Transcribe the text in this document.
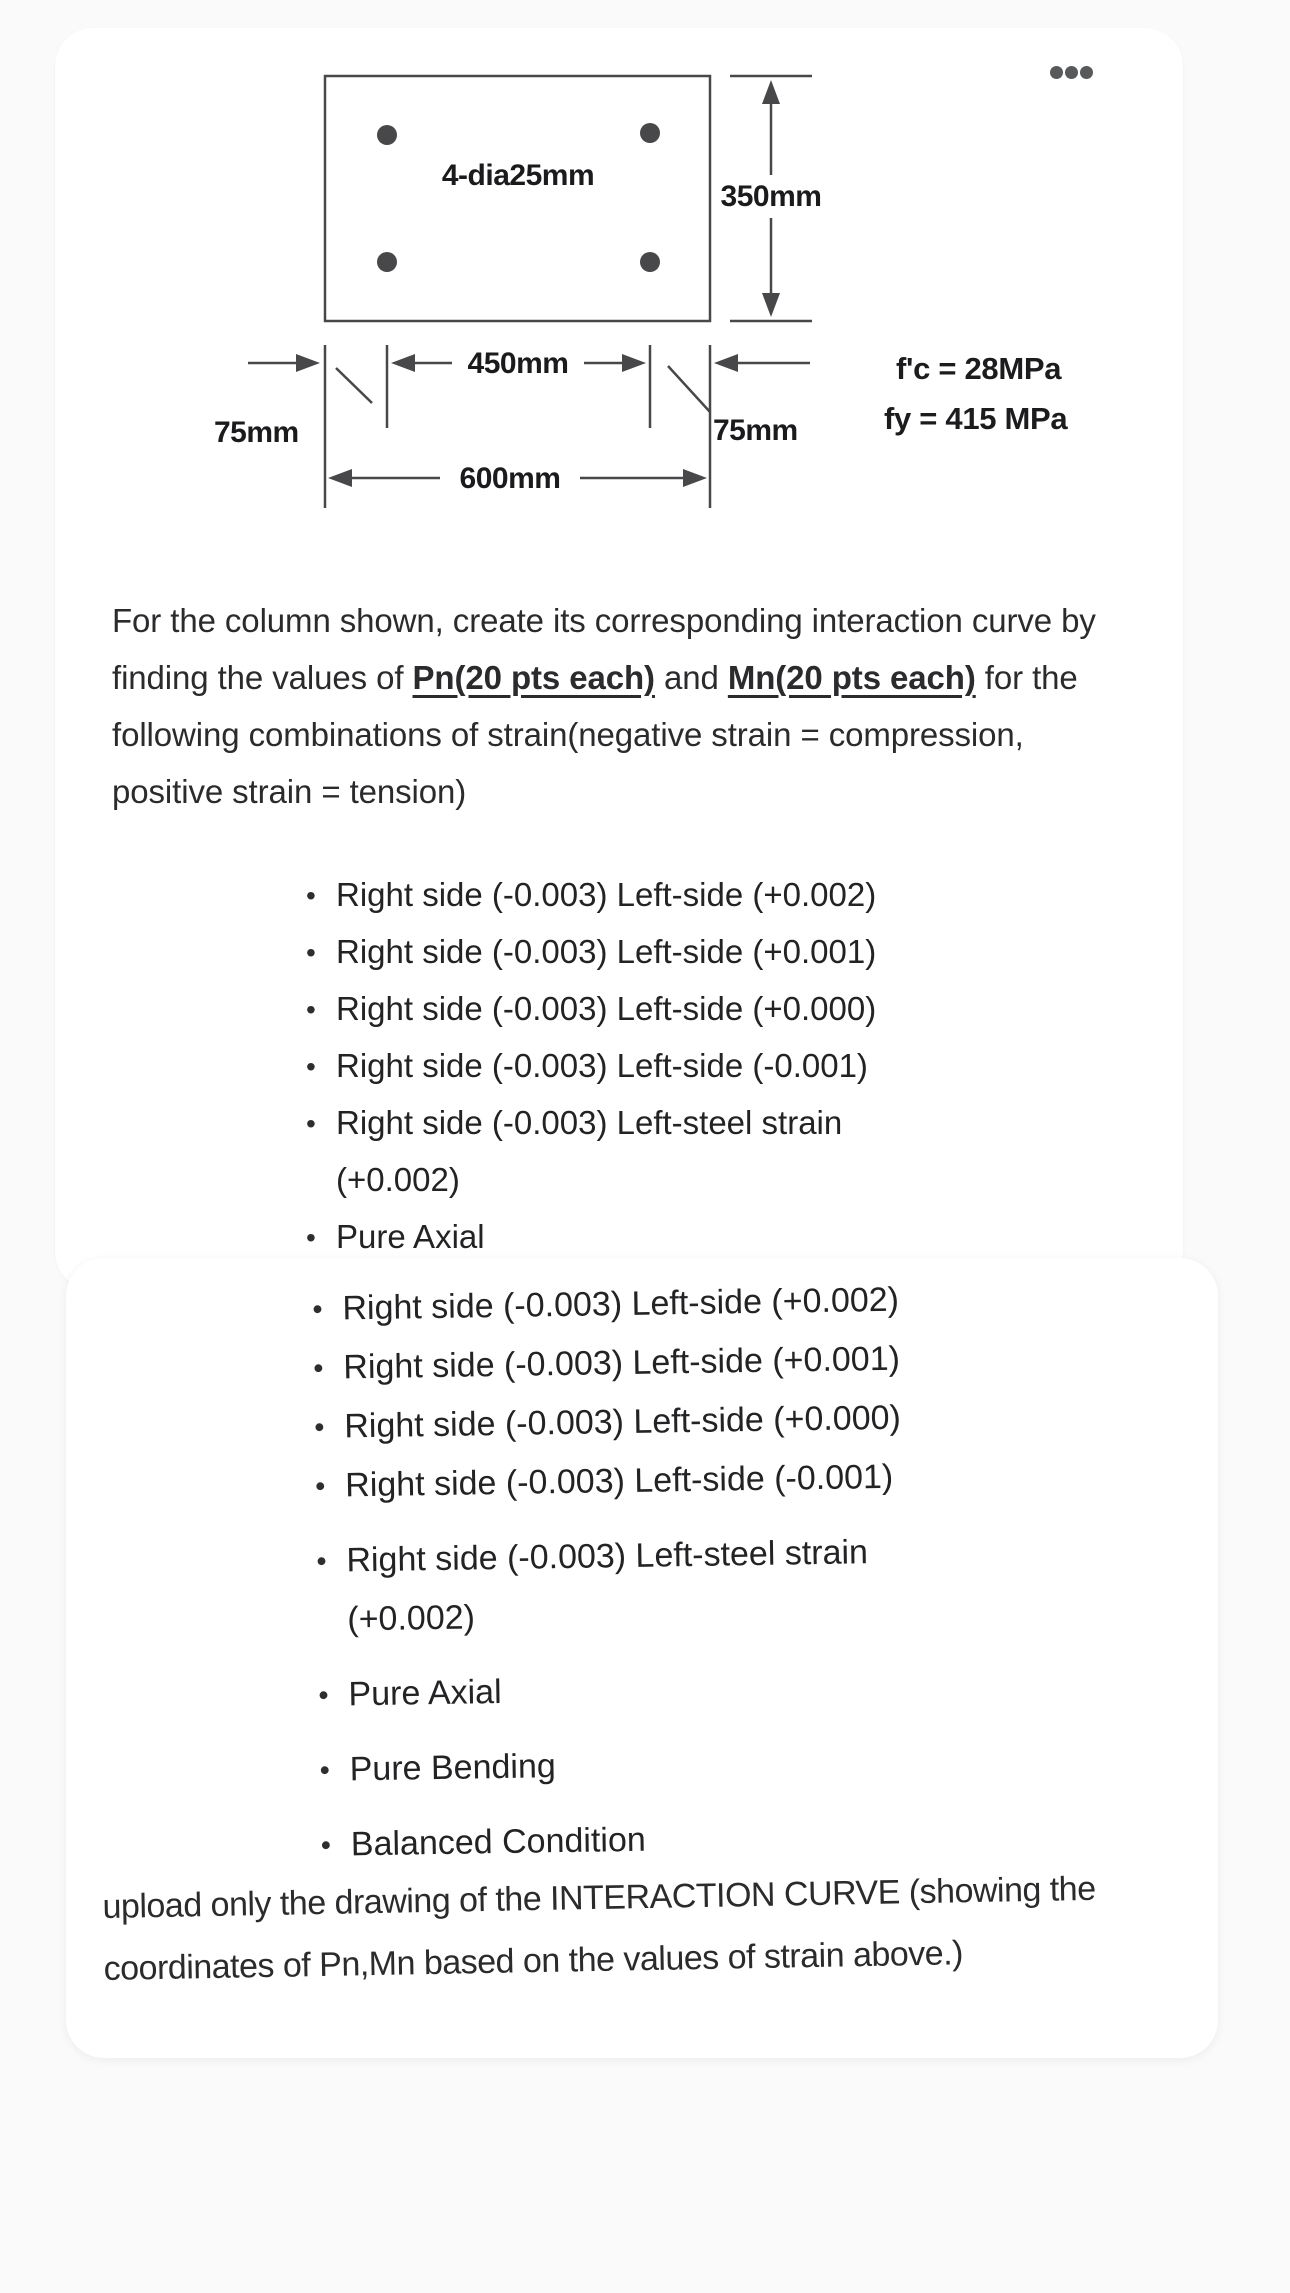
4-dia25mm
350mm
450mm
600mm
75mm	75mm
f'c = 28MPa
fy = 415 MPa
For the column shown, create its corresponding interaction curve by finding the values of Pn(20 pts each) and Mn(20 pts each) for the following combinations of strain(negative strain = compression, positive strain = tension)
• Right side (-0.003) Left-side (+0.002)
• Right side (-0.003) Left-side (+0.001)
• Right side (-0.003) Left-side (+0.000)
• Right side (-0.003) Left-side (-0.001)
• Right side (-0.003) Left-steel strain (+0.002)
• Pure Axial
• Right side (-0.003) Left-side (+0.002)
• Right side (-0.003) Left-side (+0.001)
• Right side (-0.003) Left-side (+0.000)
• Right side (-0.003) Left-side (-0.001)
• Right side (-0.003) Left-steel strain (+0.002)
• Pure Axial
• Pure Bending
• Balanced Condition
upload only the drawing of the INTERACTION CURVE (showing the coordinates of Pn,Mn based on the values of strain above.)
